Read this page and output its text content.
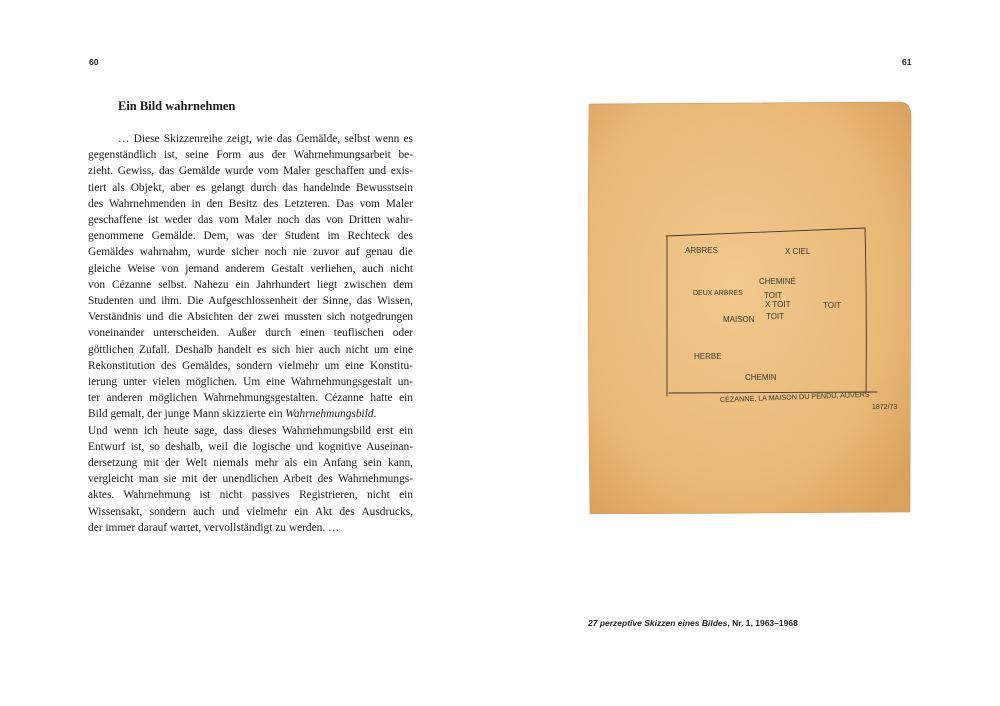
60	61
Ein Bild wahrnehmen
… Diese Skizzenreihe zeigt, wie das Gemälde, selbst wenn es
gegenständlich ist, seine Form aus der Wahrnehmungsarbeit be-
zieht. Gewiss, das Gemälde wurde vom Maler geschaffen und exis-
tiert als Objekt, aber es gelangt durch das handelnde Bewusstsein
des Wahrnehmenden in den Besitz des Letzteren. Das vom Maler
geschaffene ist weder das vom Maler noch das von Dritten wahr-
genommene Gemälde. Dem, was der Student im Rechteck des
Gemäldes wahrnahm, wurde sicher noch nie zuvor auf genau die
gleiche Weise von jemand anderem Gestalt verliehen, auch nicht
von Cézanne selbst. Nahezu ein Jahrhundert liegt zwischen dem
Studenten und ihm. Die Aufgeschlossenheit der Sinne, das Wissen,
Verständnis und die Absichten der zwei mussten sich notgedrungen
voneinander unterscheiden. Außer durch einen teuflischen oder
göttlichen Zufall. Deshalb handelt es sich hier auch nicht um eine
Rekonstitution des Gemäldes, sondern vielmehr um eine Konstitu-
ierung unter vielen möglichen. Um eine Wahrnehmungsgestalt un-
ter anderen möglichen Wahrnehmungsgestalten. Cézanne hatte ein
Bild gemalt, der junge Mann skizzierte ein Wahrnehmungsbild.
Und wenn ich heute sage, dass dieses Wahrnehmungsbild erst ein
Entwurf ist, so deshalb, weil die logische und kognitive Auseinan-
dersetzung mit der Welt niemals mehr als ein Anfang sein kann,
vergleicht man sie mit der unendlichen Arbeit des Wahrnehmungs-
aktes. Wahrnehmung ist nicht passives Registrieren, nicht ein
Wissensakt, sondern auch und vielmehr ein Akt des Ausdrucks,
der immer darauf wartet, vervollständigt zu werden. …
ARBRES	X CIEL
CHEMINÉ
DEUX ARBRES	TOIT
X TOIT	TOIT
MAISON TOIT
HERBE
CHEMIN
CÉZANNE, LA MAISON DU PENDU, AUVERS
1872/73
27 perzeptive Skizzen eines Bildes, Nr. 1, 1963–1968
